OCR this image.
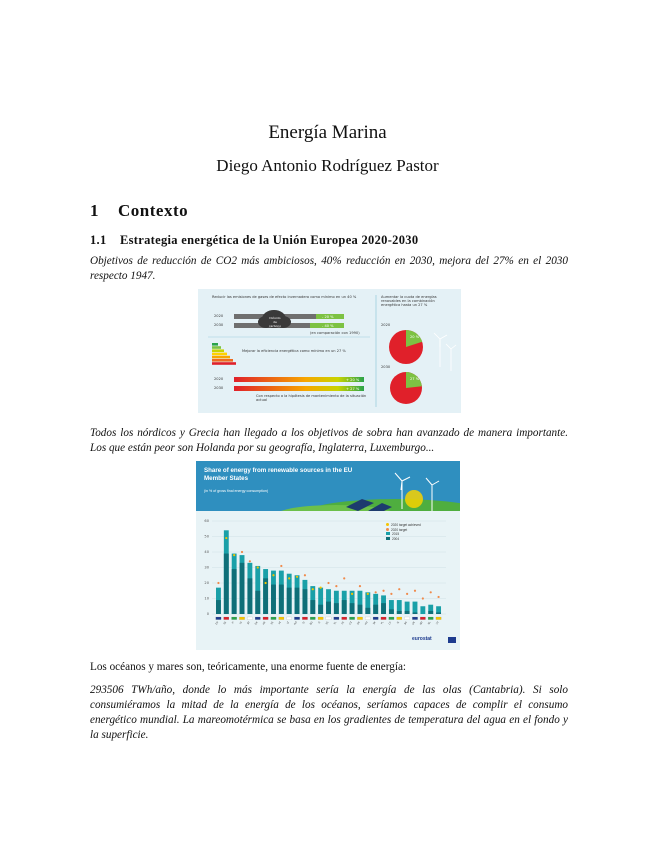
Energía Marina
Diego Antonio Rodríguez Pastor
1 Contexto
1.1 Estrategia energética de la Unión Europea 2020-2030
Objetivos de reducción de CO2 más ambiciosos, 40% reducción en 2030, mejora del 27% en el 2030 respecto 1947.
Reducir las emisiones de gases de efecto invernadero como mínimo en un 40 %
Dióxido de carbono
2020
2030
- 20 %
- 40 %
(en comparación con 1990)
Mejorar la eficiencia energética como mínimo en un 27 %
2020
2030
+ 20 %
+ 27 %
Con respecto a la hipótesis de mantenimiento de la situación actual
Aumentar la cuota de energías renovables en la combinación energética hasta un 27 %
2020
2030
20 %
27 %
Todos los nórdicos y Grecia han llegado a los objetivos de sobra han avanzado de manera importante. Los que están peor son Holanda por su geografía, Inglaterra, Luxemburgo...
0
10
20
30
40
50
60
EU SE FI LV AT DK HR EE PT LT RO SI BG IT ES EL FR CZ DE HU SK PL CY IE BE UK MT NL LU
Share of energy from renewable sources in the EU Member States
(in % of gross final energy consumption)
2020 target achieved
2020 target
2015
2004
eurostat
Los océanos y mares son, teóricamente, una enorme fuente de energía:
293506 TWh/año, donde lo más importante sería la energía de las olas (Cantabria). Si solo consumiéramos la mitad de la energía de los océanos, seríamos capaces de complir el consumo energético mundial. La mareomotérmica se basa en los gradientes de temperatura del agua en el fondo y la superficie.
